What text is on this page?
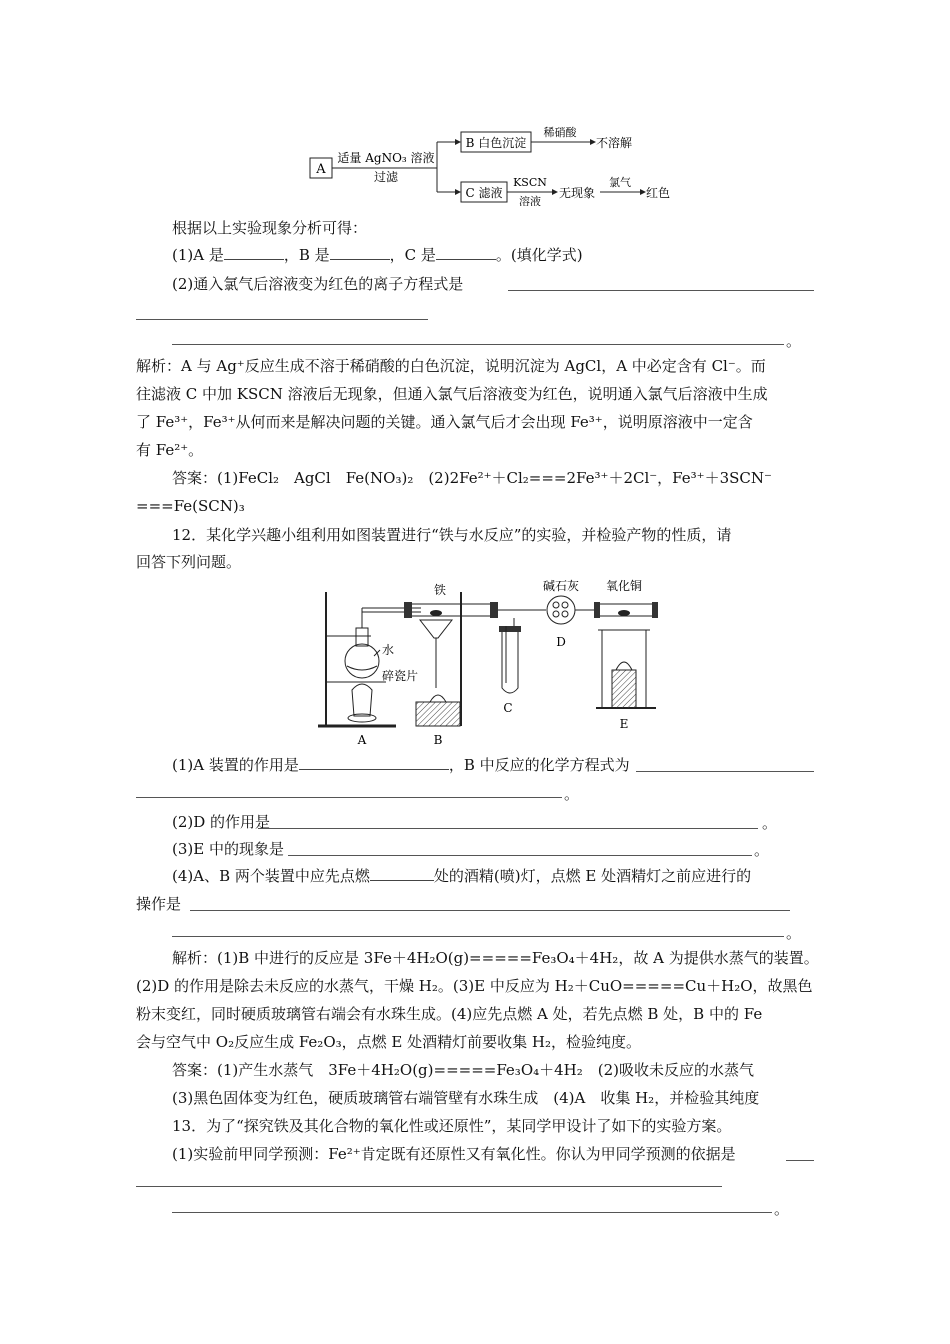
A
适量 AgNO₃ 溶液
过滤
B 白色沉淀
稀硝酸
不溶解
C 滤液
KSCN
溶液
无现象
氯气
红色
根据以上实验现象分析可得：
(1)A 是	，B 是	，C 是	。(填化学式)
(2)通入氯气后溶液变为红色的离子方程式是
。
解析：A 与 Ag⁺反应生成不溶于稀硝酸的白色沉淀，说明沉淀为 AgCl，A 中必定含有 Cl⁻。而
往滤液 C 中加 KSCN 溶液后无现象，但通入氯气后溶液变为红色，说明通入氯气后溶液中生成
了 Fe³⁺，Fe³⁺从何而来是解决问题的关键。通入氯气后才会出现 Fe³⁺，说明原溶液中一定含
有 Fe²⁺。
答案：(1)FeCl₂　AgCl　Fe(NO₃)₂　(2)2Fe²⁺＋Cl₂===2Fe³⁺＋2Cl⁻，Fe³⁺＋3SCN⁻
===Fe(SCN)₃
12．某化学兴趣小组利用如图装置进行“铁与水反应”的实验，并检验产物的性质，请
回答下列问题。
水
碎瓷片
A
铁
B
C
碱石灰
D
氧化铜
E
(1)A 装置的作用是	，B 中反应的化学方程式为
。
(2)D 的作用是	。
(3)E 中的现象是	。
(4)A、B 两个装置中应先点燃	处的酒精(喷)灯，点燃 E 处酒精灯之前应进行的
操作是
。
解析：(1)B 中进行的反应是 3Fe＋4H₂O(g)=====Fe₃O₄＋4H₂，故 A 为提供水蒸气的装置。
(2)D 的作用是除去未反应的水蒸气，干燥 H₂。(3)E 中反应为 H₂＋CuO=====Cu＋H₂O，故黑色
粉末变红，同时硬质玻璃管右端会有水珠生成。(4)应先点燃 A 处，若先点燃 B 处，B 中的 Fe
会与空气中 O₂反应生成 Fe₂O₃，点燃 E 处酒精灯前要收集 H₂，检验纯度。
答案：(1)产生水蒸气　3Fe＋4H₂O(g)=====Fe₃O₄＋4H₂　(2)吸收未反应的水蒸气
(3)黑色固体变为红色，硬质玻璃管右端管壁有水珠生成　(4)A　收集 H₂，并检验其纯度
13．为了“探究铁及其化合物的氧化性或还原性”，某同学甲设计了如下的实验方案。
(1)实验前甲同学预测：Fe²⁺肯定既有还原性又有氧化性。你认为甲同学预测的依据是
。
